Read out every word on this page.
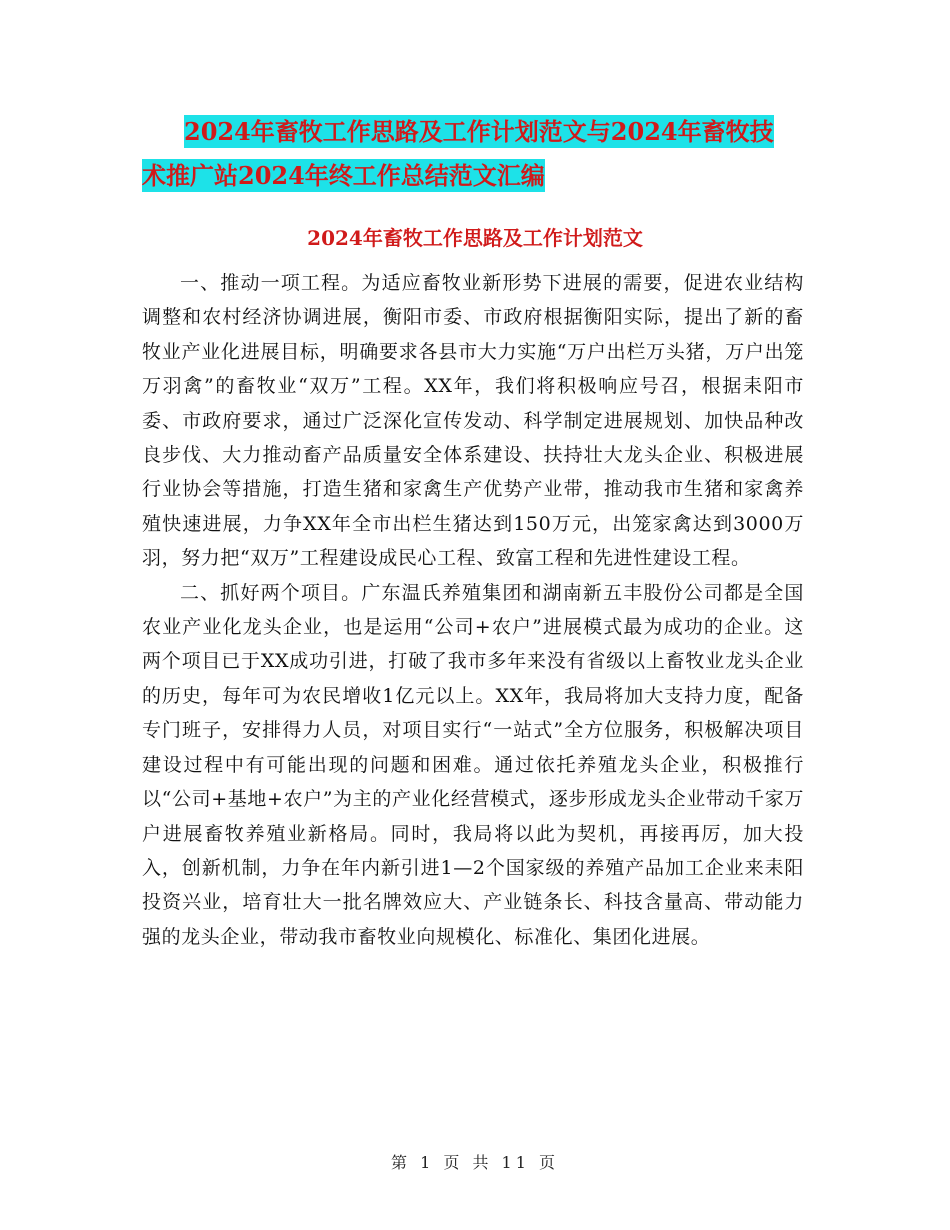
2024年畜牧工作思路及工作计划范文与2024年畜牧技
术推广站2024年终工作总结范文汇编
2024年畜牧工作思路及工作计划范文

一、推动一项工程。为适应畜牧业新形势下进展的需要，促进农业结构调整和农村经济协调进展，衡阳市委、市政府根据衡阳实际，提出了新的畜牧业产业化进展目标，明确要求各县市大力实施“万户出栏万头猪，万户出笼万羽禽”的畜牧业“双万”工程。XX年，我们将积极响应号召，根据耒阳市委、市政府要求，通过广泛深化宣传发动、科学制定进展规划、加快品种改良步伐、大力推动畜产品质量安全体系建设、扶持壮大龙头企业、积极进展行业协会等措施，打造生猪和家禽生产优势产业带，推动我市生猪和家禽养殖快速进展，力争XX年全市出栏生猪达到150万元，出笼家禽达到3000万羽，努力把“双万”工程建设成民心工程、致富工程和先进性建设工程。

二、抓好两个项目。广东温氏养殖集团和湖南新五丰股份公司都是全国农业产业化龙头企业，也是运用“公司+农户”进展模式最为成功的企业。这两个项目已于XX成功引进，打破了我市多年来没有省级以上畜牧业龙头企业的历史，每年可为农民增收1亿元以上。XX年，我局将加大支持力度，配备专门班子，安排得力人员，对项目实行“一站式”全方位服务，积极解决项目建设过程中有可能出现的问题和困难。通过依托养殖龙头企业，积极推行以“公司+基地+农户”为主的产业化经营模式，逐步形成龙头企业带动千家万户进展畜牧养殖业新格局。同时，我局将以此为契机，再接再厉，加大投入，创新机制，力争在年内新引进1—2个国家级的养殖产品加工企业来耒阳投资兴业，培育壮大一批名牌效应大、产业链条长、科技含量高、带动能力强的龙头企业，带动我市畜牧业向规模化、标准化、集团化进展。

第 1 页 共 11 页
